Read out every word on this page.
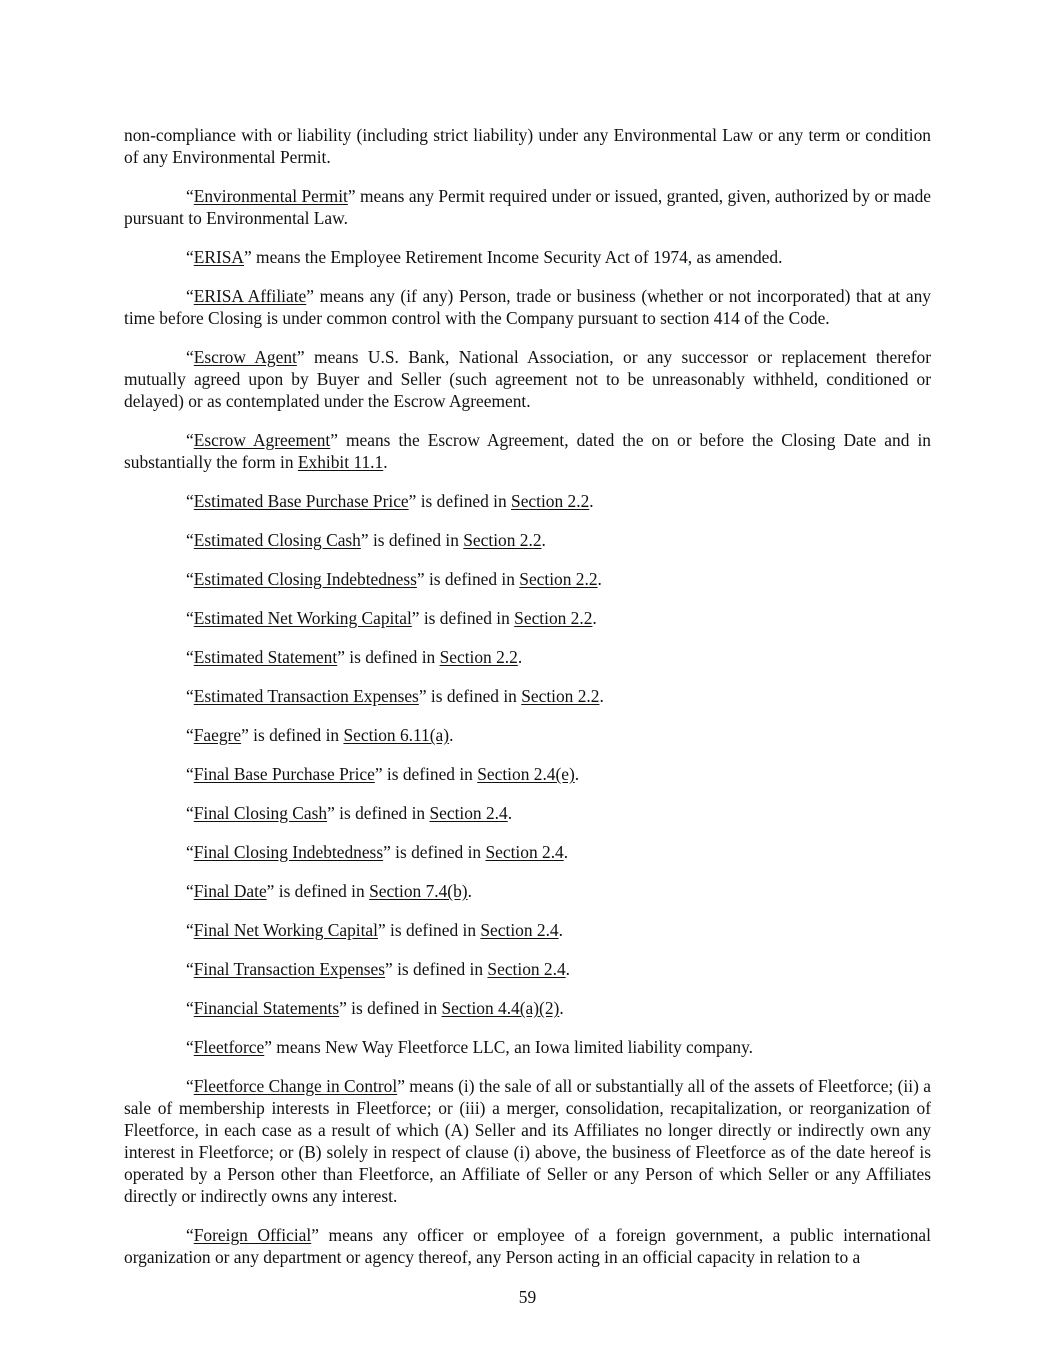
non-compliance with or liability (including strict liability) under any Environmental Law or any term or condition of any Environmental Permit.

“Environmental Permit” means any Permit required under or issued, granted, given, authorized by or made pursuant to Environmental Law.

“ERISA” means the Employee Retirement Income Security Act of 1974, as amended.

“ERISA Affiliate” means any (if any) Person, trade or business (whether or not incorporated) that at any time before Closing is under common control with the Company pursuant to section 414 of the Code.

“Escrow Agent” means U.S. Bank, National Association, or any successor or replacement therefor mutually agreed upon by Buyer and Seller (such agreement not to be unreasonably withheld, conditioned or delayed) or as contemplated under the Escrow Agreement.

“Escrow Agreement” means the Escrow Agreement, dated the on or before the Closing Date and in substantially the form in Exhibit 11.1.

“Estimated Base Purchase Price” is defined in Section 2.2.

“Estimated Closing Cash” is defined in Section 2.2.

“Estimated Closing Indebtedness” is defined in Section 2.2.

“Estimated Net Working Capital” is defined in Section 2.2.

“Estimated Statement” is defined in Section 2.2.

“Estimated Transaction Expenses” is defined in Section 2.2.

“Faegre” is defined in Section 6.11(a).

“Final Base Purchase Price” is defined in Section 2.4(e).

“Final Closing Cash” is defined in Section 2.4.

“Final Closing Indebtedness” is defined in Section 2.4.

“Final Date” is defined in Section 7.4(b).

“Final Net Working Capital” is defined in Section 2.4.

“Final Transaction Expenses” is defined in Section 2.4.

“Financial Statements” is defined in Section 4.4(a)(2).

“Fleetforce” means New Way Fleetforce LLC, an Iowa limited liability company.

“Fleetforce Change in Control” means (i) the sale of all or substantially all of the assets of Fleetforce; (ii) a sale of membership interests in Fleetforce; or (iii) a merger, consolidation, recapitalization, or reorganization of Fleetforce, in each case as a result of which (A) Seller and its Affiliates no longer directly or indirectly own any interest in Fleetforce; or (B) solely in respect of clause (i) above, the business of Fleetforce as of the date hereof is operated by a Person other than Fleetforce, an Affiliate of Seller or any Person of which Seller or any Affiliates directly or indirectly owns any interest.

“Foreign Official” means any officer or employee of a foreign government, a public international organization or any department or agency thereof, any Person acting in an official capacity in relation to a

59
